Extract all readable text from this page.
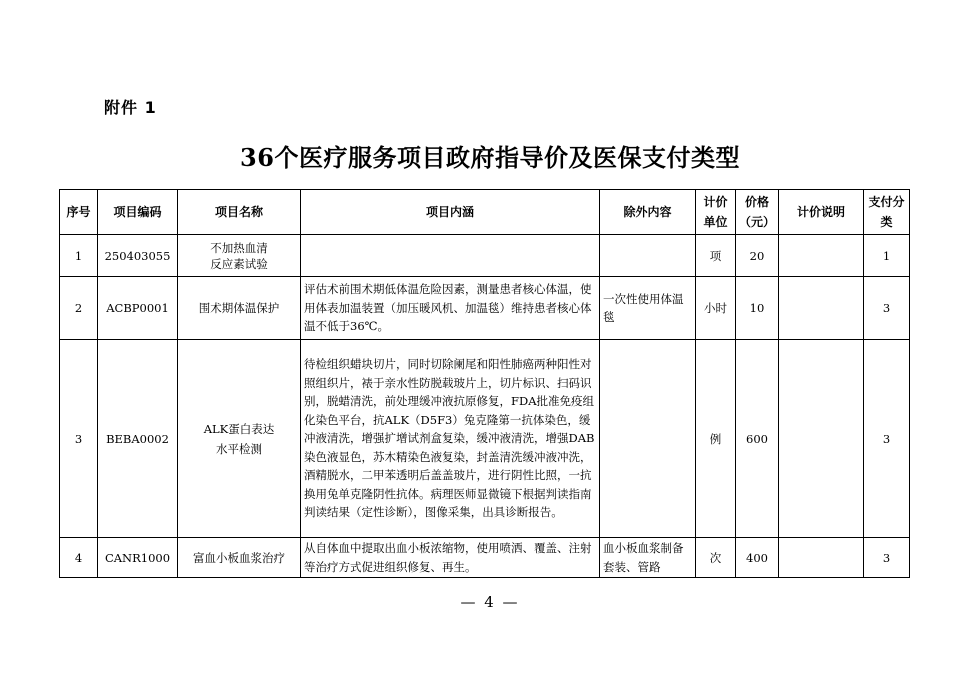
附件 1
36个医疗服务项目政府指导价及医保支付类型
序号	项目编码	项目名称	项目内涵	除外内容	计价单位	价格（元）	计价说明	支付分类
1	250403055	不加热血清反应素试验			项	20		1
2	ACBP0001	围术期体温保护	评估术前围术期低体温危险因素，测量患者核心体温，使用体表加温装置（加压暖风机、加温毯）维持患者核心体温不低于36℃。	一次性使用体温毯	小时	10		3
3	BEBA0002	ALK蛋白表达水平检测	待检组织蜡块切片，同时切除阑尾和阳性肺癌两种阳性对照组织片，裱于亲水性防脱载玻片上，切片标识、扫码识别，脱蜡清洗，前处理缓冲液抗原修复，FDA批准免疫组化染色平台，抗ALK（D5F3）兔克隆第一抗体染色，缓冲液清洗，增强扩增试剂盒复染，缓冲液清洗，增强DAB染色液显色，苏木精染色液复染，封盖清洗缓冲液冲洗，酒精脱水，二甲苯透明后盖盖玻片，进行阴性比照，一抗换用兔单克隆阴性抗体。病理医师显微镜下根据判读指南判读结果（定性诊断），图像采集，出具诊断报告。		例	600		3
4	CANR1000	富血小板血浆治疗	从自体血中提取出血小板浓缩物，使用喷洒、覆盖、注射等治疗方式促进组织修复、再生。	血小板血浆制备套装、管路	次	400		3
— 4 —
